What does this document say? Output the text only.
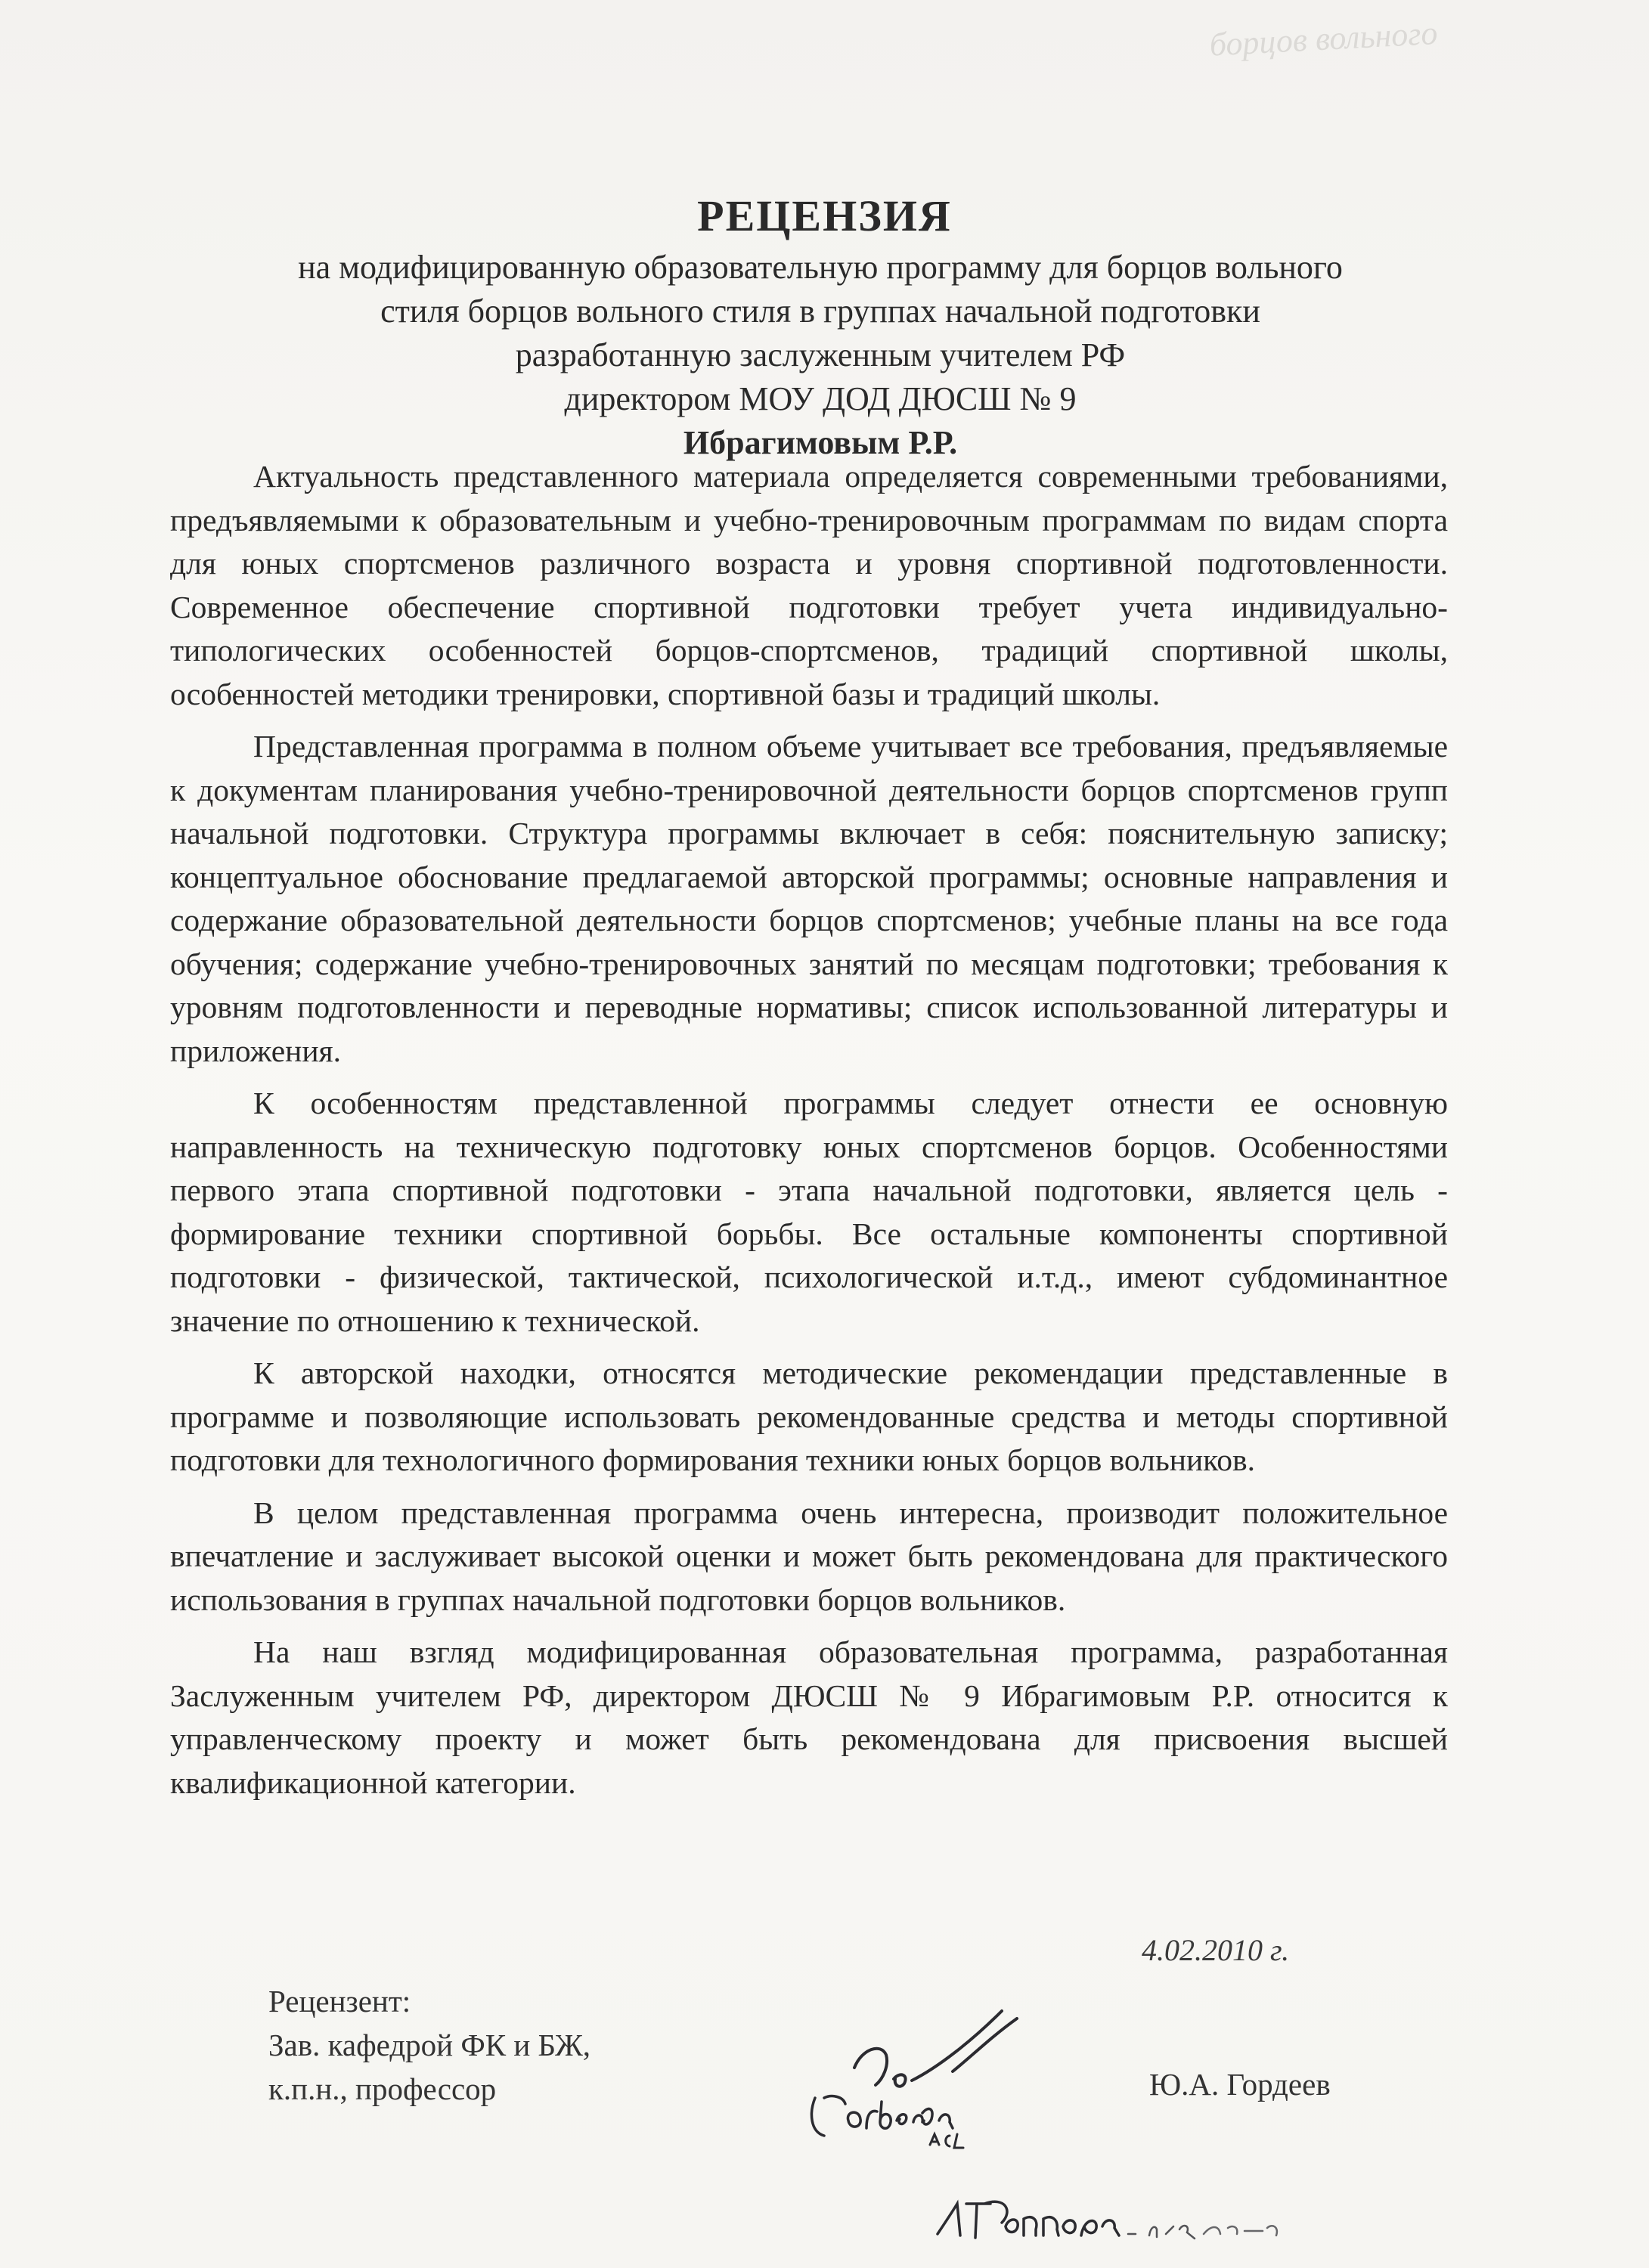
борцов вольного
РЕЦЕНЗИЯ
на модифицированную образовательную программу для борцов вольного
стиля борцов вольного стиля в группах начальной подготовки
разработанную заслуженным учителем РФ
директором МОУ ДОД ДЮСШ № 9
Ибрагимовым Р.Р.

Актуальность представленного материала определяется современными требованиями, предъявляемыми к образовательным и учебно-тренировочным программам по видам спорта для юных спортсменов различного возраста и уровня спортивной подготовленности. Современное обеспечение спортивной подготовки требует учета индивидуально-типологических особенностей борцов-спортсменов, традиций спортивной школы, особенностей методики тренировки, спортивной базы и традиций школы.

Представленная программа в полном объеме учитывает все требования, предъявляемые к документам планирования учебно-тренировочной деятельности борцов спортсменов групп начальной подготовки. Структура программы включает в себя: пояснительную записку; концептуальное обоснование предлагаемой авторской программы; основные направления и содержание образовательной деятельности борцов спортсменов; учебные планы на все года обучения; содержание учебно-тренировочных занятий по месяцам подготовки; требования к уровням подготовленности и переводные нормативы; список использованной литературы и приложения.

К особенностям представленной программы следует отнести ее основную направленность на техническую подготовку юных спортсменов борцов. Особенностями первого этапа спортивной подготовки - этапа начальной подготовки, является цель - формирование техники спортивной борьбы. Все остальные компоненты спортивной подготовки - физической, тактической, психологической и.т.д., имеют субдоминантное значение по отношению к технической.

К авторской находки, относятся методические рекомендации представленные в программе и позволяющие использовать рекомендованные средства и методы спортивной подготовки для технологичного формирования техники юных борцов вольников.

В целом представленная программа очень интересна, производит положительное впечатление и заслуживает высокой оценки и может быть рекомендована для практического использования в группах начальной подготовки борцов вольников.

На наш взгляд модифицированная образовательная программа, разработанная Заслуженным учителем РФ, директором ДЮСШ № 9 Ибрагимовым Р.Р. относится к управленческому проекту и может быть рекомендована для присвоения высшей квалификационной категории.

4.02.2010 г.
Рецензент:
Зав. кафедрой ФК и БЖ,
к.п.н., профессор	Ю.А. Гордеев
